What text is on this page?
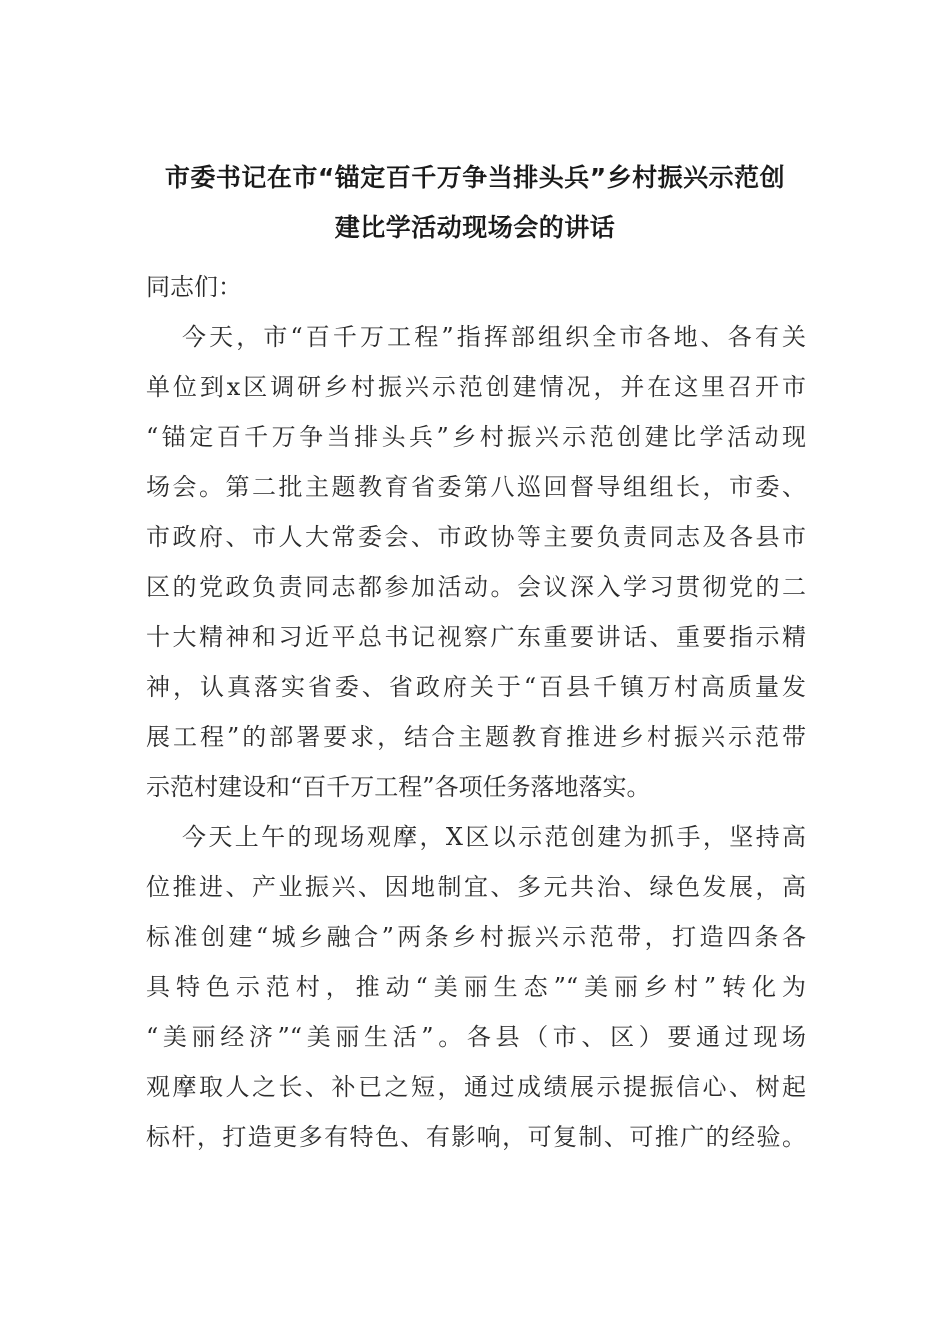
市委书记在市“锚定百千万争当排头兵”乡村振兴示范创
建比学活动现场会的讲话
同志们：
今天，市“百千万工程”指挥部组织全市各地、各有关
单位到x区调研乡村振兴示范创建情况，并在这里召开市
“锚定百千万争当排头兵”乡村振兴示范创建比学活动现
场会。第二批主题教育省委第八巡回督导组组长，市委、
市政府、市人大常委会、市政协等主要负责同志及各县市
区的党政负责同志都参加活动。会议深入学习贯彻党的二
十大精神和习近平总书记视察广东重要讲话、重要指示精
神，认真落实省委、省政府关于“百县千镇万村高质量发
展工程”的部署要求，结合主题教育推进乡村振兴示范带
示范村建设和“百千万工程”各项任务落地落实。
今天上午的现场观摩，X区以示范创建为抓手，坚持高
位推进、产业振兴、因地制宜、多元共治、绿色发展，高
标准创建“城乡融合”两条乡村振兴示范带，打造四条各
具特色示范村，推动“美丽生态”“美丽乡村”转化为
“美丽经济”“美丽生活”。各县（市、区）要通过现场
观摩取人之长、补已之短，通过成绩展示提振信心、树起
标杆，打造更多有特色、有影响，可复制、可推广的经验。
